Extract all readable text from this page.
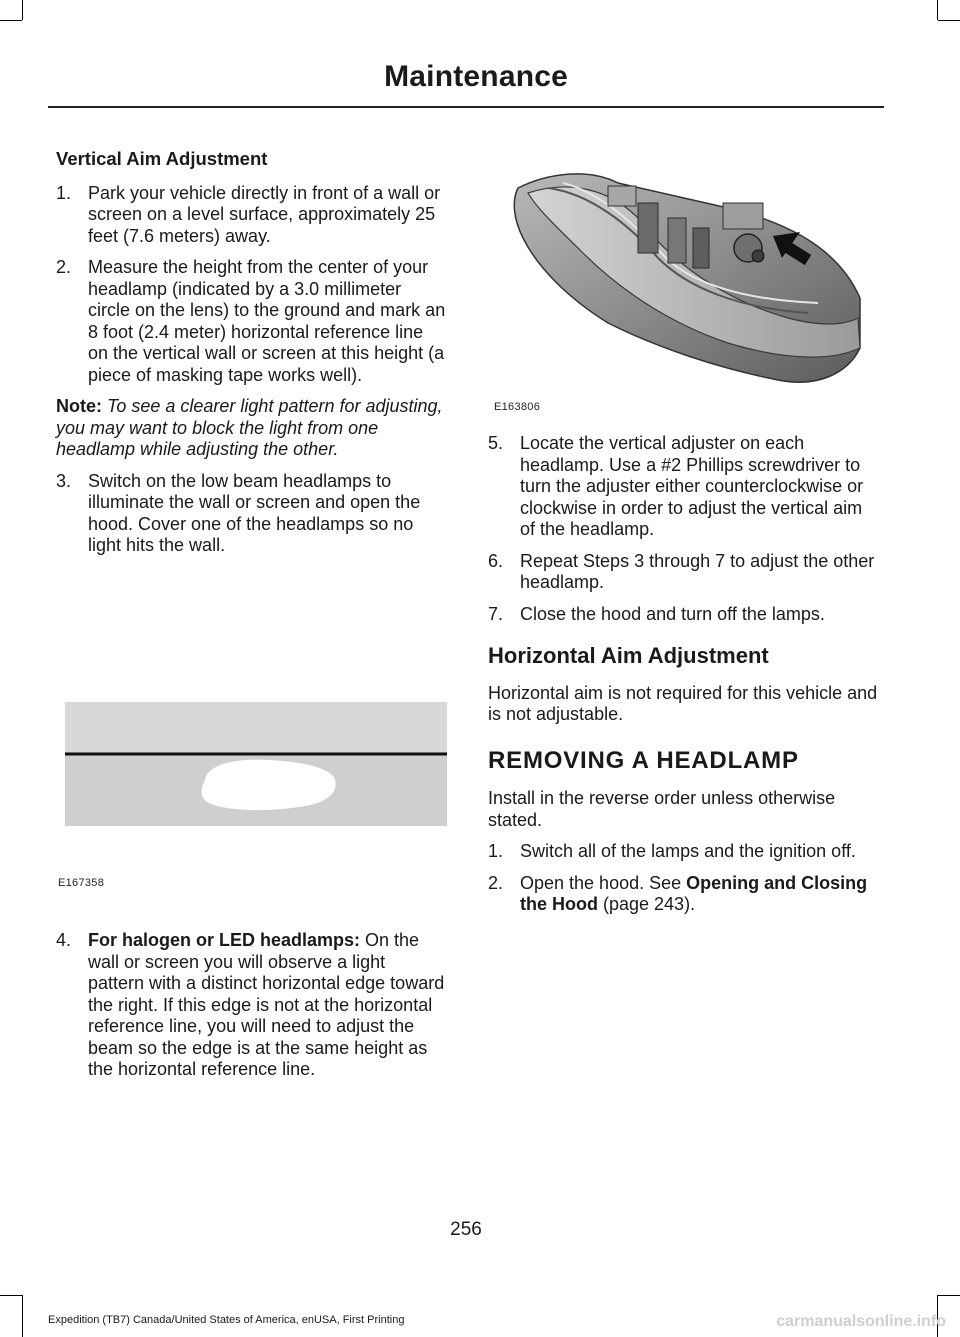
Maintenance
Vertical Aim Adjustment
1. Park your vehicle directly in front of a wall or screen on a level surface, approximately 25 feet (7.6 meters) away.
2. Measure the height from the center of your headlamp (indicated by a 3.0 millimeter circle on the lens) to the ground and mark an 8 foot (2.4 meter) horizontal reference line on the vertical wall or screen at this height (a piece of masking tape works well).

Note: To see a clearer light pattern for adjusting, you may want to block the light from one headlamp while adjusting the other.

3. Switch on the low beam headlamps to illuminate the wall or screen and open the hood. Cover one of the headlamps so no light hits the wall.
E167358
4. For halogen or LED headlamps: On the wall or screen you will observe a light pattern with a distinct horizontal edge toward the right. If this edge is not at the horizontal reference line, you will need to adjust the beam so the edge is at the same height as the horizontal reference line.
E163806
5. Locate the vertical adjuster on each headlamp. Use a #2 Phillips screwdriver to turn the adjuster either counterclockwise or clockwise in order to adjust the vertical aim of the headlamp.
6. Repeat Steps 3 through 7 to adjust the other headlamp.
7. Close the hood and turn off the lamps.
Horizontal Aim Adjustment

Horizontal aim is not required for this vehicle and is not adjustable.

REMOVING A HEADLAMP

Install in the reverse order unless otherwise stated.

1. Switch all of the lamps and the ignition off.
2. Open the hood. See Opening and Closing the Hood (page 243).
256
Expedition (TB7) Canada/United States of America, enUSA, First Printing	carmanualsonline.info
